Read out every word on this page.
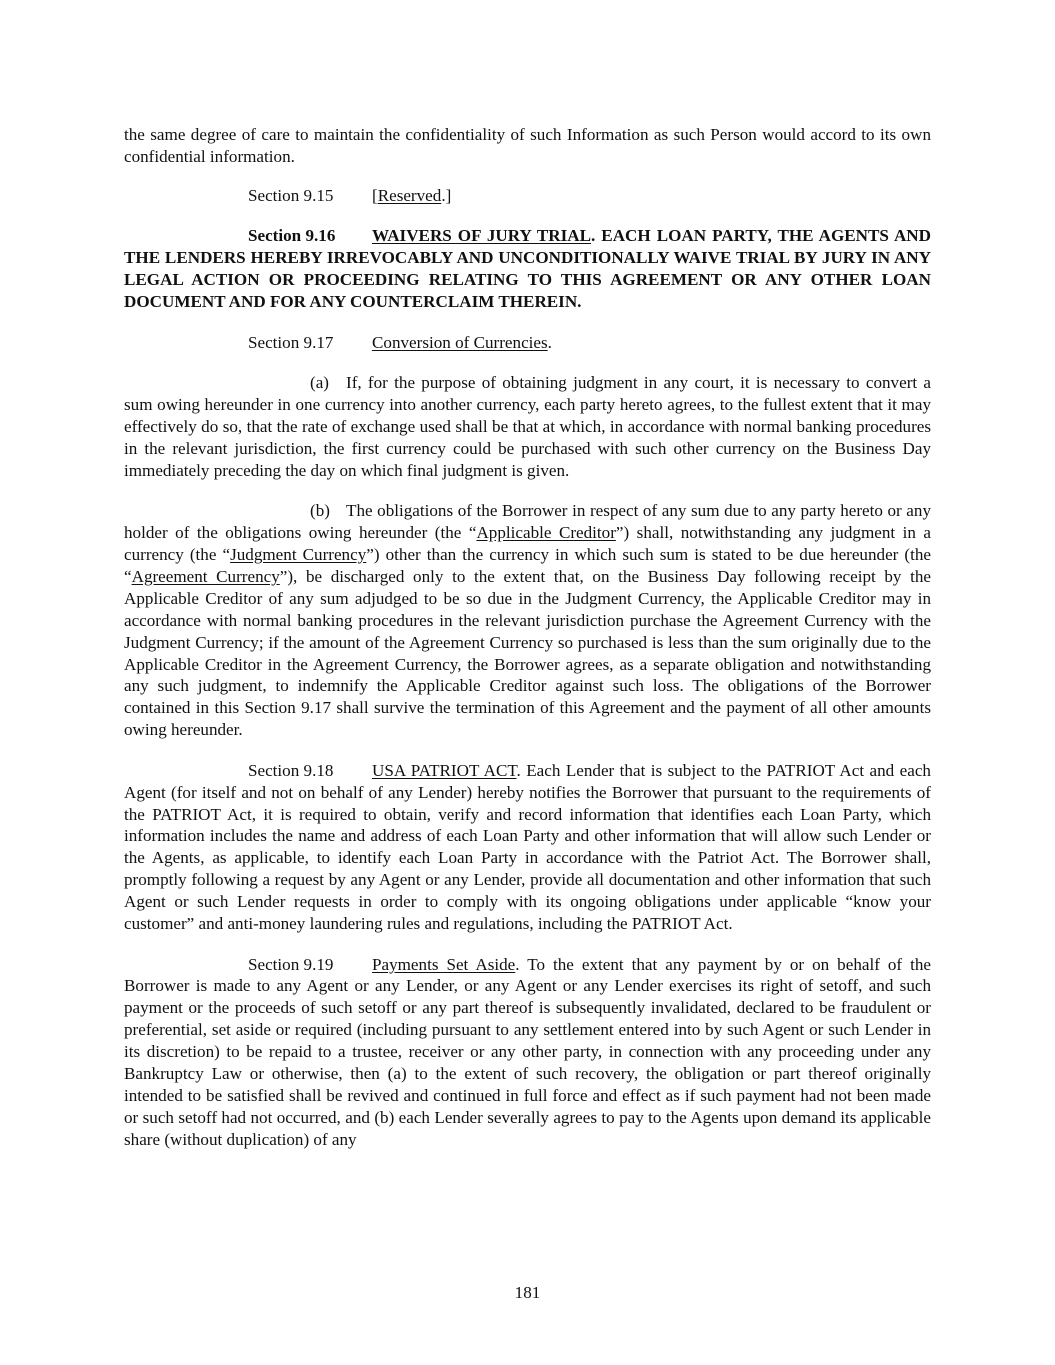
the same degree of care to maintain the confidentiality of such Information as such Person would accord to its own confidential information.

Section 9.15 [Reserved.]

Section 9.16 WAIVERS OF JURY TRIAL. EACH LOAN PARTY, THE AGENTS AND THE LENDERS HEREBY IRREVOCABLY AND UNCONDITIONALLY WAIVE TRIAL BY JURY IN ANY LEGAL ACTION OR PROCEEDING RELATING TO THIS AGREEMENT OR ANY OTHER LOAN DOCUMENT AND FOR ANY COUNTERCLAIM THEREIN.

Section 9.17 Conversion of Currencies.

(a) If, for the purpose of obtaining judgment in any court, it is necessary to convert a sum owing hereunder in one currency into another currency, each party hereto agrees, to the fullest extent that it may effectively do so, that the rate of exchange used shall be that at which, in accordance with normal banking procedures in the relevant jurisdiction, the first currency could be purchased with such other currency on the Business Day immediately preceding the day on which final judgment is given.

(b) The obligations of the Borrower in respect of any sum due to any party hereto or any holder of the obligations owing hereunder (the “Applicable Creditor”) shall, notwithstanding any judgment in a currency (the “Judgment Currency”) other than the currency in which such sum is stated to be due hereunder (the “Agreement Currency”), be discharged only to the extent that, on the Business Day following receipt by the Applicable Creditor of any sum adjudged to be so due in the Judgment Currency, the Applicable Creditor may in accordance with normal banking procedures in the relevant jurisdiction purchase the Agreement Currency with the Judgment Currency; if the amount of the Agreement Currency so purchased is less than the sum originally due to the Applicable Creditor in the Agreement Currency, the Borrower agrees, as a separate obligation and notwithstanding any such judgment, to indemnify the Applicable Creditor against such loss. The obligations of the Borrower contained in this Section 9.17 shall survive the termination of this Agreement and the payment of all other amounts owing hereunder.

Section 9.18 USA PATRIOT ACT. Each Lender that is subject to the PATRIOT Act and each Agent (for itself and not on behalf of any Lender) hereby notifies the Borrower that pursuant to the requirements of the PATRIOT Act, it is required to obtain, verify and record information that identifies each Loan Party, which information includes the name and address of each Loan Party and other information that will allow such Lender or the Agents, as applicable, to identify each Loan Party in accordance with the Patriot Act. The Borrower shall, promptly following a request by any Agent or any Lender, provide all documentation and other information that such Agent or such Lender requests in order to comply with its ongoing obligations under applicable “know your customer” and anti-money laundering rules and regulations, including the PATRIOT Act.

Section 9.19 Payments Set Aside. To the extent that any payment by or on behalf of the Borrower is made to any Agent or any Lender, or any Agent or any Lender exercises its right of setoff, and such payment or the proceeds of such setoff or any part thereof is subsequently invalidated, declared to be fraudulent or preferential, set aside or required (including pursuant to any settlement entered into by such Agent or such Lender in its discretion) to be repaid to a trustee, receiver or any other party, in connection with any proceeding under any Bankruptcy Law or otherwise, then (a) to the extent of such recovery, the obligation or part thereof originally intended to be satisfied shall be revived and continued in full force and effect as if such payment had not been made or such setoff had not occurred, and (b) each Lender severally agrees to pay to the Agents upon demand its applicable share (without duplication) of any

181
